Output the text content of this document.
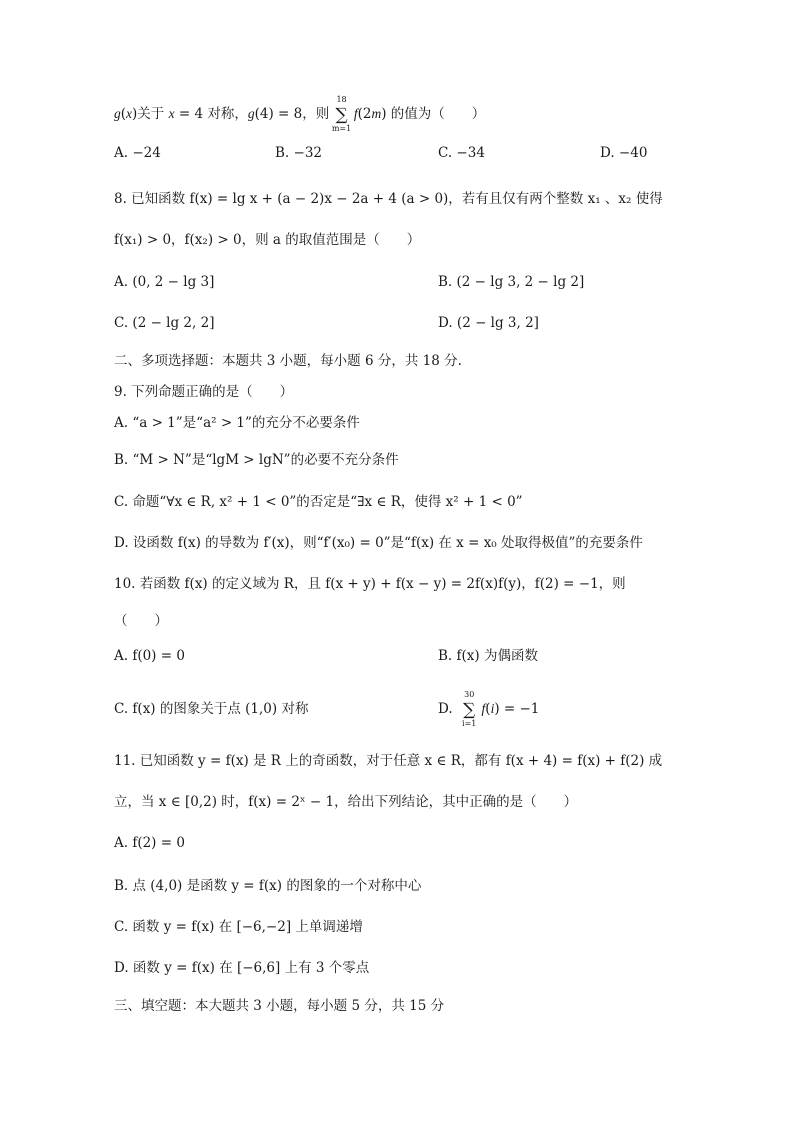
g(x)关于 x = 4 对称，g(4) = 8，则 ∑
18
m=1
f(2m) 的值为（　　）
A. −24	B. −32	C. −34	D. −40
8. 已知函数 f(x) = lg x + (a − 2)x − 2a + 4 (a > 0)，若有且仅有两个整数 x₁ 、x₂ 使得
f(x₁) > 0，f(x₂) > 0，则 a 的取值范围是（　　）
A. (0, 2 − lg 3]	B. (2 − lg 3, 2 − lg 2]
C. (2 − lg 2, 2]	D. (2 − lg 3, 2]
二、多项选择题：本题共 3 小题，每小题 6 分，共 18 分.
9. 下列命题正确的是（　　）
A. “a > 1”是“a² > 1”的充分不必要条件
B. “M > N”是“lgM > lgN”的必要不充分条件
C. 命题“∀x ∈ R, x² + 1 < 0”的否定是“∃x ∈ R，使得 x² + 1 < 0”
D. 设函数 f(x) 的导数为 f′(x)，则“f′(x₀) = 0”是“f(x) 在 x = x₀ 处取得极值”的充要条件
10. 若函数 f(x) 的定义域为 R，且 f(x + y) + f(x − y) = 2f(x)f(y)，f(2) = −1，则
（　　）
A. f(0) = 0	B. f(x) 为偶函数
C. f(x) 的图象关于点 (1,0) 对称	D.  ∑
30
i=1
f(i) = −1
11. 已知函数 y = f(x) 是 R 上的奇函数，对于任意 x ∈ R，都有 f(x + 4) = f(x) + f(2) 成
立，当 x ∈ [0,2) 时，f(x) = 2ˣ − 1，给出下列结论，其中正确的是（　　）
A. f(2) = 0
B. 点 (4,0) 是函数 y = f(x) 的图象的一个对称中心
C. 函数 y = f(x) 在 [−6,−2] 上单调递增
D. 函数 y = f(x) 在 [−6,6] 上有 3 个零点
三、填空题：本大题共 3 小题，每小题 5 分，共 15 分
